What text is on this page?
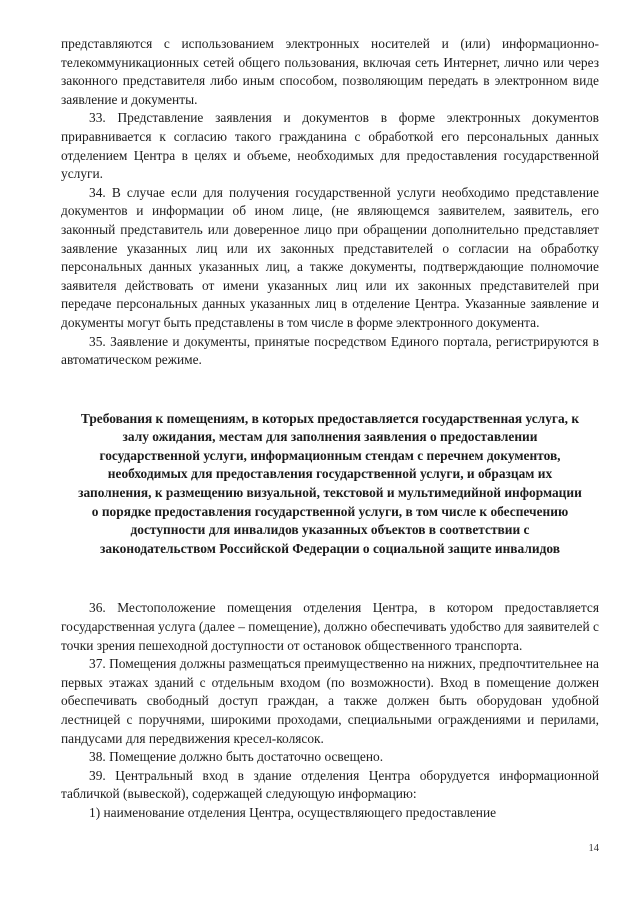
представляются с использованием электронных носителей и (или) информационно-телекоммуникационных сетей общего пользования, включая сеть Интернет, лично или через законного представителя либо иным способом, позволяющим передать в электронном виде заявление и документы.

33. Представление заявления и документов в форме электронных документов приравнивается к согласию такого гражданина с обработкой его персональных данных отделением Центра в целях и объеме, необходимых для предоставления государственной услуги.

34. В случае если для получения государственной услуги необходимо представление документов и информации об ином лице, (не являющемся заявителем, заявитель, его законный представитель или доверенное лицо при обращении дополнительно представляет заявление указанных лиц или их законных представителей о согласии на обработку персональных данных указанных лиц, а также документы, подтверждающие полномочие заявителя действовать от имени указанных лиц или их законных представителей при передаче персональных данных указанных лиц в отделение Центра. Указанные заявление и документы могут быть представлены в том числе в форме электронного документа.

35. Заявление и документы, принятые посредством Единого портала, регистрируются в автоматическом режиме.

Требования к помещениям, в которых предоставляется государственная услуга, к залу ожидания, местам для заполнения заявления о предоставлении государственной услуги, информационным стендам с перечнем документов, необходимых для предоставления государственной услуги, и образцам их заполнения, к размещению визуальной, текстовой и мультимедийной информации о порядке предоставления государственной услуги, в том числе к обеспечению доступности для инвалидов указанных объектов в соответствии с законодательством Российской Федерации о социальной защите инвалидов

36. Местоположение помещения отделения Центра, в котором предоставляется государственная услуга (далее – помещение), должно обеспечивать удобство для заявителей с точки зрения пешеходной доступности от остановок общественного транспорта.

37. Помещения должны размещаться преимущественно на нижних, предпочтительнее на первых этажах зданий с отдельным входом (по возможности). Вход в помещение должен обеспечивать свободный доступ граждан, а также должен быть оборудован удобной лестницей с поручнями, широкими проходами, специальными ограждениями и перилами, пандусами для передвижения кресел-колясок.

38. Помещение должно быть достаточно освещено.

39. Центральный вход в здание отделения Центра оборудуется информационной табличкой (вывеской), содержащей следующую информацию:

1) наименование отделения Центра, осуществляющего предоставление

14
